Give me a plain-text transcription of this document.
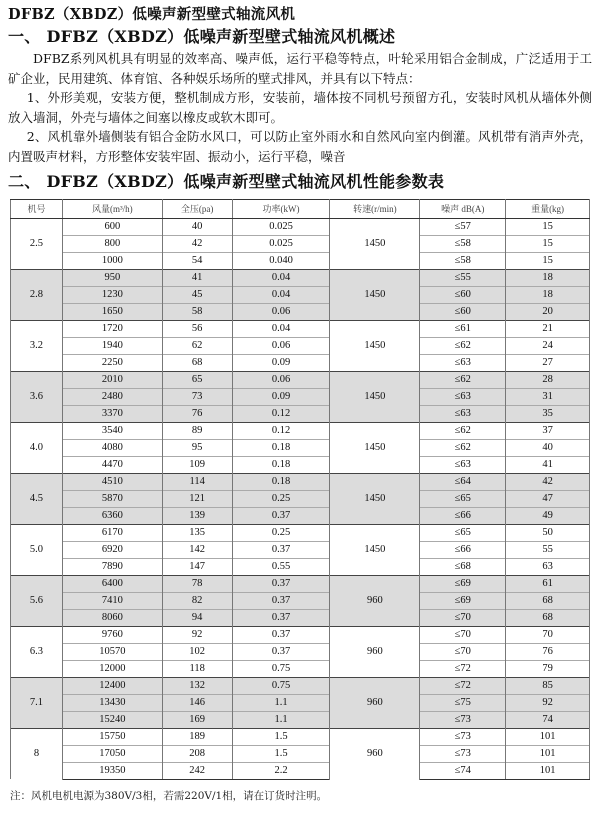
DFBZ（XBDZ）低噪声新型壁式轴流风机
一、 DFBZ（XBDZ）低噪声新型壁式轴流风机概述

DFBZ系列风机具有明显的效率高、噪声低，运行平稳等特点，叶轮采用铝合金制成，广泛适用于工矿企业，民用建筑、体育馆、各种娱乐场所的壁式排风，并具有以下特点：

1、外形美观，安装方便，整机制成方形，安装前，墙体按不同机号预留方孔，安装时风机从墙体外侧放入墙洞，外壳与墙体之间塞以橡皮或软木即可。

2、风机靠外墙侧装有铝合金防水风口，可以防止室外雨水和自然风向室内倒灌。风机带有消声外壳，内置吸声材料，方形整体安装牢固、振动小，运行平稳，噪音

二、 DFBZ（XBDZ）低噪声新型壁式轴流风机性能参数表
机号	风量(m³/h)	全压(pa)	功率(kW)	转速(r/min)	噪声 dB(A)	重量(kg)
2.5	600	40	0.025	1450	≤57	15
	800	42	0.025		≤58	15
	1000	54	0.040		≤58	15
2.8	950	41	0.04	1450	≤55	18
	1230	45	0.04		≤60	18
	1650	58	0.06		≤60	20
3.2	1720	56	0.04	1450	≤61	21
	1940	62	0.06		≤62	24
	2250	68	0.09		≤63	27
3.6	2010	65	0.06	1450	≤62	28
	2480	73	0.09		≤63	31
	3370	76	0.12		≤63	35
4.0	3540	89	0.12	1450	≤62	37
	4080	95	0.18		≤62	40
	4470	109	0.18		≤63	41
4.5	4510	114	0.18	1450	≤64	42
	5870	121	0.25		≤65	47
	6360	139	0.37		≤66	49
5.0	6170	135	0.25	1450	≤65	50
	6920	142	0.37		≤66	55
	7890	147	0.55		≤68	63
5.6	6400	78	0.37	960	≤69	61
	7410	82	0.37		≤69	68
	8060	94	0.37		≤70	68
6.3	9760	92	0.37	960	≤70	70
	10570	102	0.37		≤70	76
	12000	118	0.75		≤72	79
7.1	12400	132	0.75	960	≤72	85
	13430	146	1.1		≤75	92
	15240	169	1.1		≤73	74
8	15750	189	1.5	960	≤73	101
	17050	208	1.5		≤73	101
	19350	242	2.2		≤74	101
注：风机电机电源为380V/3相，若需220V/1相，请在订货时注明。
